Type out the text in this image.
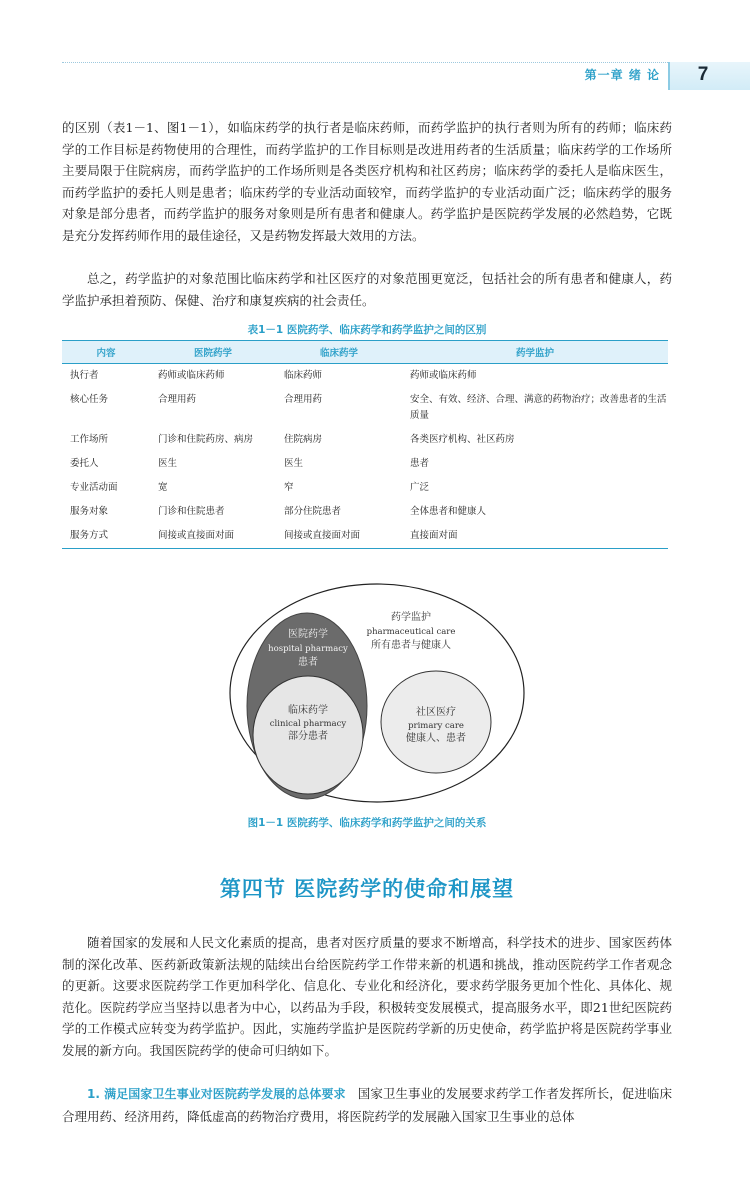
第一章 绪 论	7

的区别（表1－1、图1－1），如临床药学的执行者是临床药师，而药学监护的执行者则为所有的药师；临床药学的工作目标是药物使用的合理性，而药学监护的工作目标则是改进用药者的生活质量；临床药学的工作场所主要局限于住院病房，而药学监护的工作场所则是各类医疗机构和社区药房；临床药学的委托人是临床医生，而药学监护的委托人则是患者；临床药学的专业活动面较窄，而药学监护的专业活动面广泛；临床药学的服务对象是部分患者，而药学监护的服务对象则是所有患者和健康人。药学监护是医院药学发展的必然趋势，它既是充分发挥药师作用的最佳途径，又是药物发挥最大效用的方法。

总之，药学监护的对象范围比临床药学和社区医疗的对象范围更宽泛，包括社会的所有患者和健康人，药学监护承担着预防、保健、治疗和康复疾病的社会责任。

表1－1 医院药学、临床药学和药学监护之间的区别
内容	医院药学	临床药学	药学监护
执行者	药师或临床药师	临床药师	药师或临床药师
核心任务	合理用药	合理用药	安全、有效、经济、合理、满意的药物治疗；改善患者的生活质量
工作场所	门诊和住院药房、病房	住院病房	各类医疗机构、社区药房
委托人	医生	医生	患者
专业活动面	宽	窄	广泛
服务对象	门诊和住院患者	部分住院患者	全体患者和健康人
服务方式	间接或直接面对面	间接或直接面对面	直接面对面
药学监护
pharmaceutical care
所有患者与健康人
医院药学
hospital pharmacy
患者
临床药学
clinical pharmacy
部分患者
社区医疗
primary care
健康人、患者
图1－1 医院药学、临床药学和药学监护之间的关系
第四节 医院药学的使命和展望

随着国家的发展和人民文化素质的提高，患者对医疗质量的要求不断增高，科学技术的进步、国家医药体制的深化改革、医药新政策新法规的陆续出台给医院药学工作带来新的机遇和挑战，推动医院药学工作者观念的更新。这要求医院药学工作更加科学化、信息化、专业化和经济化，要求药学服务更加个性化、具体化、规范化。医院药学应当坚持以患者为中心，以药品为手段，积极转变发展模式，提高服务水平，即21世纪医院药学的工作模式应转变为药学监护。因此，实施药学监护是医院药学新的历史使命，药学监护将是医院药学事业发展的新方向。我国医院药学的使命可归纳如下。

1. 满足国家卫生事业对医院药学发展的总体要求 国家卫生事业的发展要求药学工作者发挥所长，促进临床合理用药、经济用药，降低虚高的药物治疗费用，将医院药学的发展融入国家卫生事业的总体
